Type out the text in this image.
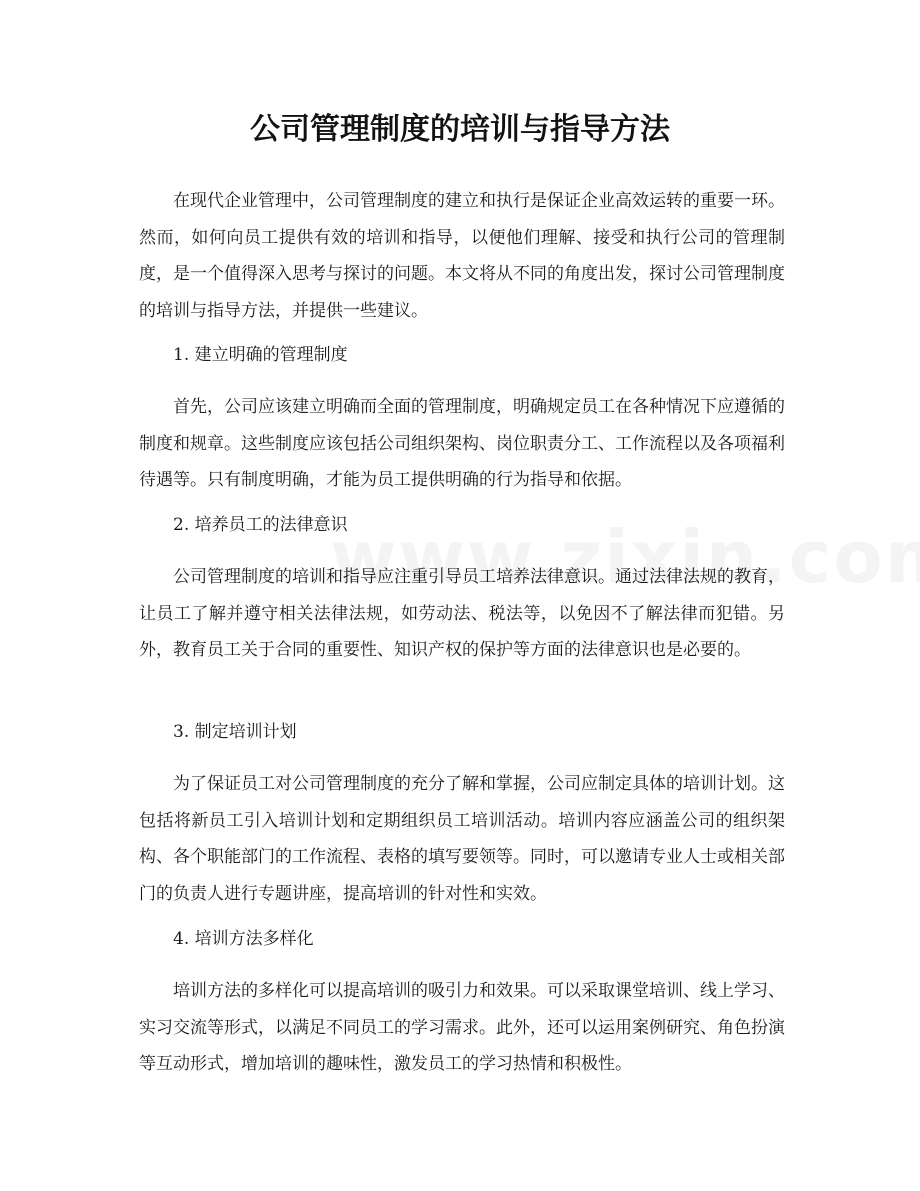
公司管理制度的培训与指导方法

在现代企业管理中，公司管理制度的建立和执行是保证企业高效运转的重要一环。然而，如何向员工提供有效的培训和指导，以便他们理解、接受和执行公司的管理制度，是一个值得深入思考与探讨的问题。本文将从不同的角度出发，探讨公司管理制度的培训与指导方法，并提供一些建议。

1. 建立明确的管理制度

首先，公司应该建立明确而全面的管理制度，明确规定员工在各种情况下应遵循的制度和规章。这些制度应该包括公司组织架构、岗位职责分工、工作流程以及各项福利待遇等。只有制度明确，才能为员工提供明确的行为指导和依据。

2. 培养员工的法律意识

公司管理制度的培训和指导应注重引导员工培养法律意识。通过法律法规的教育，让员工了解并遵守相关法律法规，如劳动法、税法等，以免因不了解法律而犯错。另外，教育员工关于合同的重要性、知识产权的保护等方面的法律意识也是必要的。

3. 制定培训计划

为了保证员工对公司管理制度的充分了解和掌握，公司应制定具体的培训计划。这包括将新员工引入培训计划和定期组织员工培训活动。培训内容应涵盖公司的组织架构、各个职能部门的工作流程、表格的填写要领等。同时，可以邀请专业人士或相关部门的负责人进行专题讲座，提高培训的针对性和实效。

4. 培训方法多样化

培训方法的多样化可以提高培训的吸引力和效果。可以采取课堂培训、线上学习、实习交流等形式，以满足不同员工的学习需求。此外，还可以运用案例研究、角色扮演等互动形式，增加培训的趣味性，激发员工的学习热情和积极性。
